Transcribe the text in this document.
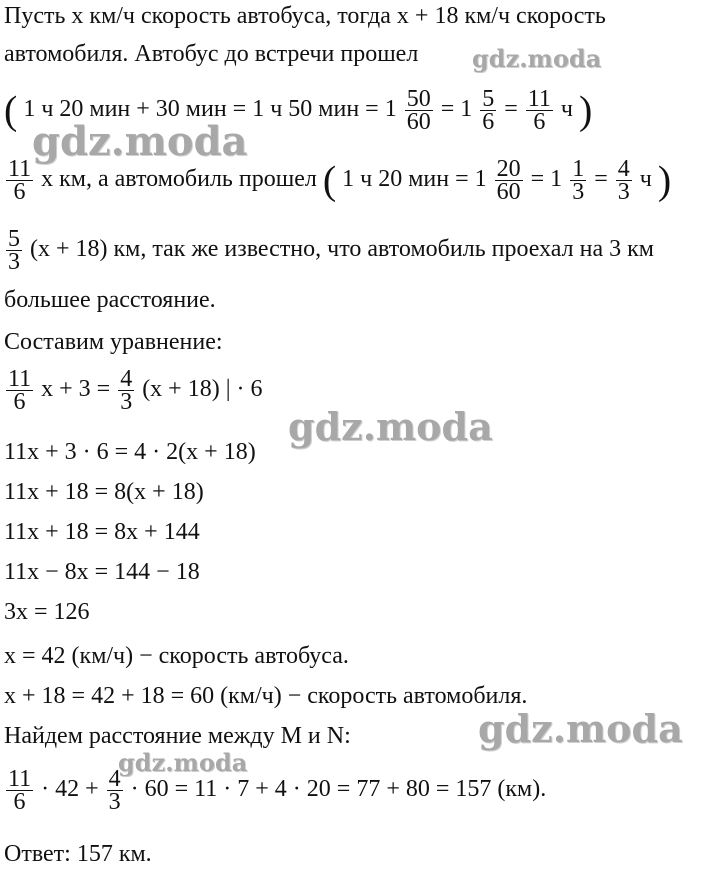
Пусть x км/ч скорость автобуса, тогда x + 18 км/ч скорость
автомобиля. Автобус до встречи прошел
( 1 ч 20 мин + 30 мин = 1 ч 50 мин = $1 \frac{50}{60} = 1 \frac{5}{6} = \frac{11}{6}$ ч )
$\frac{11}{6}$ x км, а автомобиль прошел ( 1 ч 20 мин = $1 \frac{20}{60} = 1 \frac{1}{3} = \frac{4}{3}$ ч )
$\frac{5}{3} (x + 18)$ км, так же известно, что автомобиль проехал на 3 км
большее расстояние.
Составим уравнение:
$\frac{11}{6}$ $x + 3 = \frac{4}{3} (x + 18)$ | · 6
11x + 3 · 6 = 4 · 2(x + 18)
11x + 18 = 8(x + 18)
11x + 18 = 8x + 144
11x − 8x = 144 − 18
3x = 126
x = 42 (км/ч) − скорость автобуса.
x + 18 = 42 + 18 = 60 (км/ч) − скорость автомобиля.
Найдем расстояние между M и N:
$\frac{11}{6} \cdot 42 + \frac{4}{3} \cdot 60 = 11 \cdot 7 + 4 \cdot 20 = 77 + 80 = 157$ (км).
Ответ: 157 км.
gdz.moda
gdz.moda
gdz.moda
gdz.moda
gdz.moda
